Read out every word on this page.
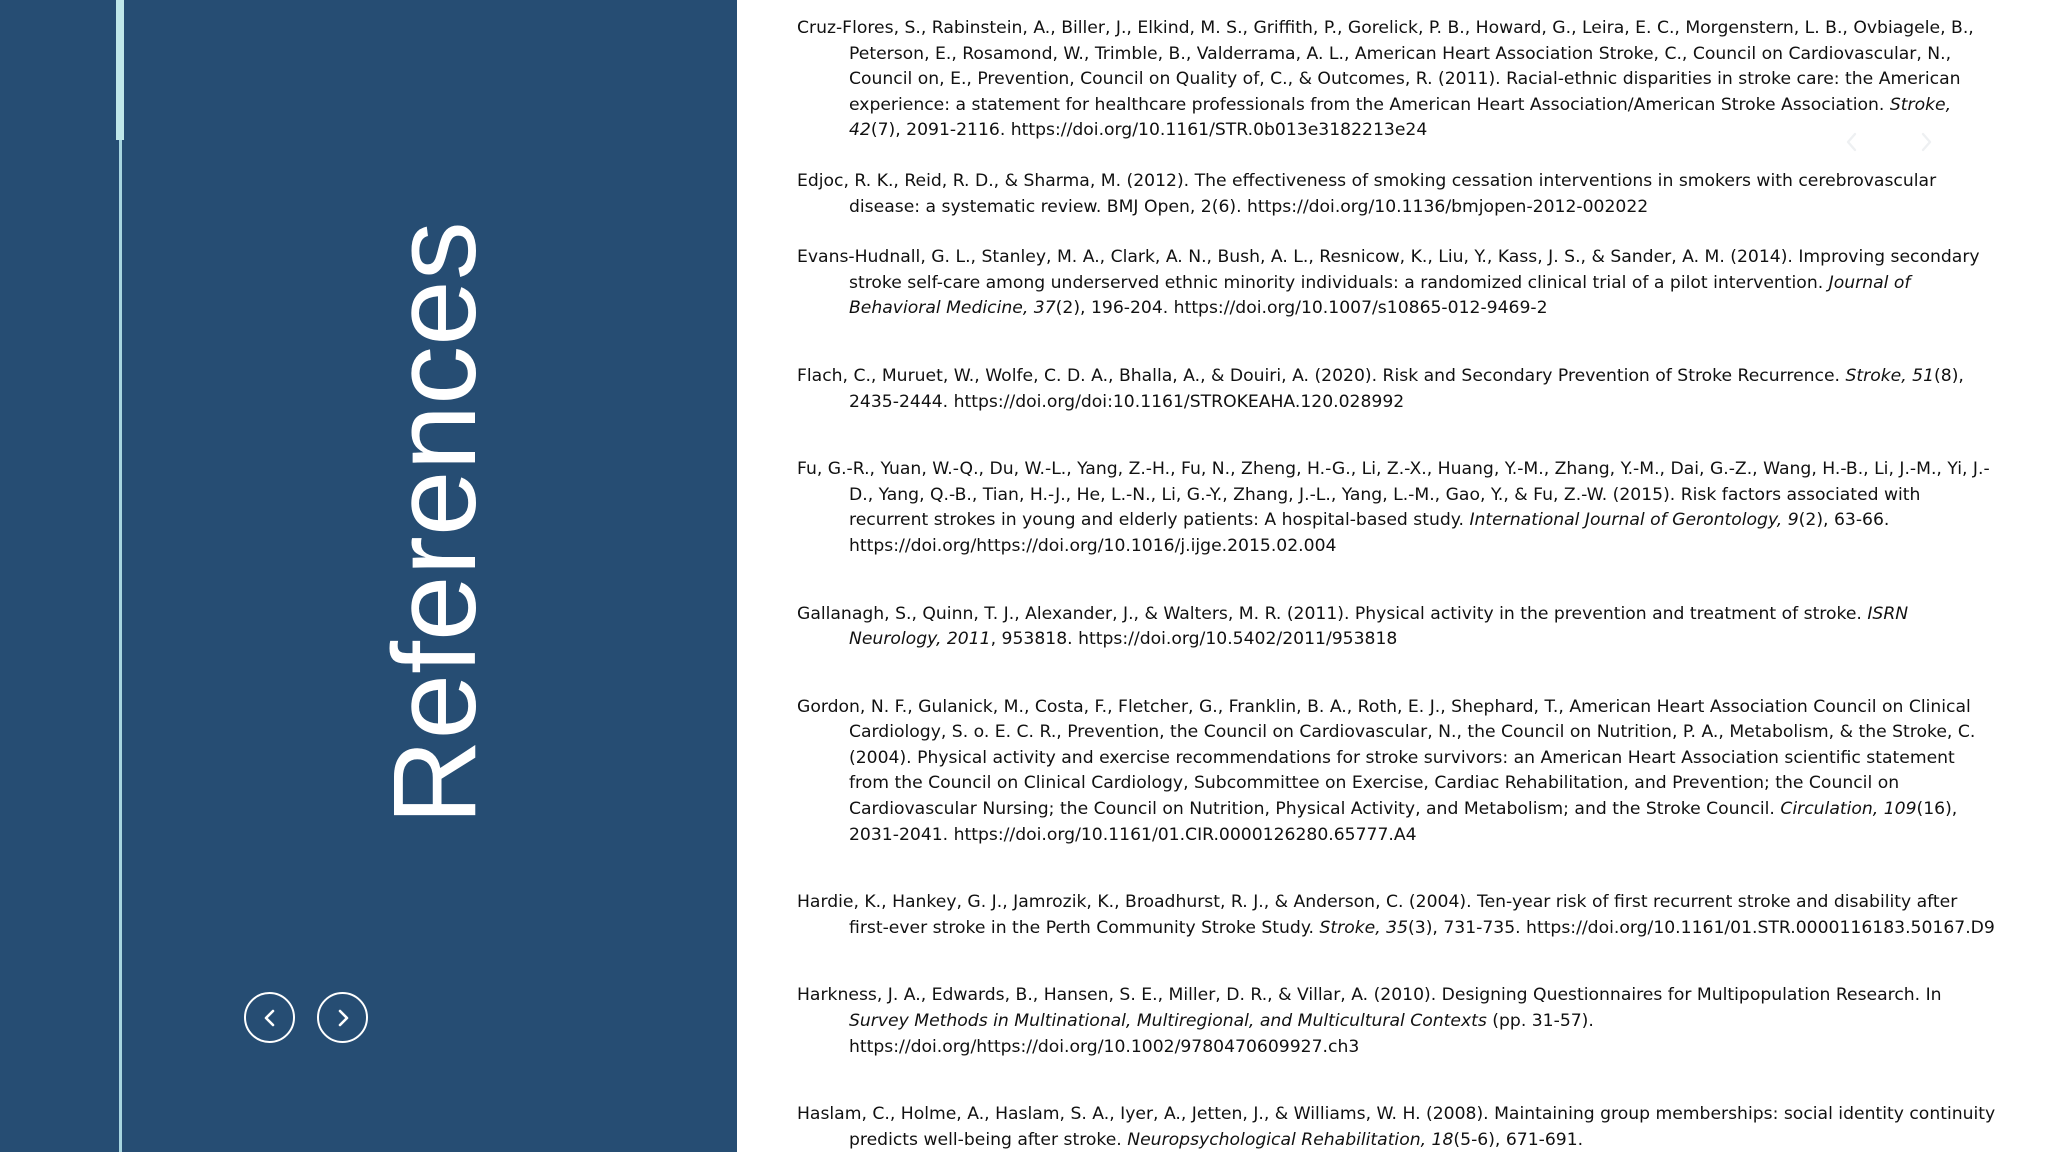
References
Cruz-Flores, S., Rabinstein, A., Biller, J., Elkind, M. S., Griffith, P., Gorelick, P. B., Howard, G., Leira, E. C., Morgenstern, L. B., Ovbiagele, B., Peterson, E., Rosamond, W., Trimble, B., Valderrama, A. L., American Heart Association Stroke, C., Council on Cardiovascular, N., Council on, E., Prevention, Council on Quality of, C., & Outcomes, R. (2011). Racial-ethnic disparities in stroke care: the American experience: a statement for healthcare professionals from the American Heart Association/American Stroke Association. Stroke, 42(7), 2091-2116. https://doi.org/10.1161/STR.0b013e3182213e24
Edjoc, R. K., Reid, R. D., & Sharma, M. (2012). The effectiveness of smoking cessation interventions in smokers with cerebrovascular disease: a systematic review. BMJ Open, 2(6). https://doi.org/10.1136/bmjopen-2012-002022
Evans-Hudnall, G. L., Stanley, M. A., Clark, A. N., Bush, A. L., Resnicow, K., Liu, Y., Kass, J. S., & Sander, A. M. (2014). Improving secondary stroke self-care among underserved ethnic minority individuals: a randomized clinical trial of a pilot intervention. Journal of Behavioral Medicine, 37(2), 196-204. https://doi.org/10.1007/s10865-012-9469-2
Flach, C., Muruet, W., Wolfe, C. D. A., Bhalla, A., & Douiri, A. (2020). Risk and Secondary Prevention of Stroke Recurrence. Stroke, 51(8), 2435-2444. https://doi.org/doi:10.1161/STROKEAHA.120.028992
Fu, G.-R., Yuan, W.-Q., Du, W.-L., Yang, Z.-H., Fu, N., Zheng, H.-G., Li, Z.-X., Huang, Y.-M., Zhang, Y.-M., Dai, G.-Z., Wang, H.-B., Li, J.-M., Yi, J.-D., Yang, Q.-B., Tian, H.-J., He, L.-N., Li, G.-Y., Zhang, J.-L., Yang, L.-M., Gao, Y., & Fu, Z.-W. (2015). Risk factors associated with recurrent strokes in young and elderly patients: A hospital-based study. International Journal of Gerontology, 9(2), 63-66. https://doi.org/https://doi.org/10.1016/j.ijge.2015.02.004
Gallanagh, S., Quinn, T. J., Alexander, J., & Walters, M. R. (2011). Physical activity in the prevention and treatment of stroke. ISRN Neurology, 2011, 953818. https://doi.org/10.5402/2011/953818
Gordon, N. F., Gulanick, M., Costa, F., Fletcher, G., Franklin, B. A., Roth, E. J., Shephard, T., American Heart Association Council on Clinical Cardiology, S. o. E. C. R., Prevention, the Council on Cardiovascular, N., the Council on Nutrition, P. A., Metabolism, & the Stroke, C. (2004). Physical activity and exercise recommendations for stroke survivors: an American Heart Association scientific statement from the Council on Clinical Cardiology, Subcommittee on Exercise, Cardiac Rehabilitation, and Prevention; the Council on Cardiovascular Nursing; the Council on Nutrition, Physical Activity, and Metabolism; and the Stroke Council. Circulation, 109(16), 2031-2041. https://doi.org/10.1161/01.CIR.0000126280.65777.A4
Hardie, K., Hankey, G. J., Jamrozik, K., Broadhurst, R. J., & Anderson, C. (2004). Ten-year risk of first recurrent stroke and disability after first-ever stroke in the Perth Community Stroke Study. Stroke, 35(3), 731-735. https://doi.org/10.1161/01.STR.0000116183.50167.D9
Harkness, J. A., Edwards, B., Hansen, S. E., Miller, D. R., & Villar, A. (2010). Designing Questionnaires for Multipopulation Research. In Survey Methods in Multinational, Multiregional, and Multicultural Contexts (pp. 31-57). https://doi.org/https://doi.org/10.1002/9780470609927.ch3
Haslam, C., Holme, A., Haslam, S. A., Iyer, A., Jetten, J., & Williams, W. H. (2008). Maintaining group memberships: social identity continuity predicts well-being after stroke. Neuropsychological Rehabilitation, 18(5-6), 671-691.
